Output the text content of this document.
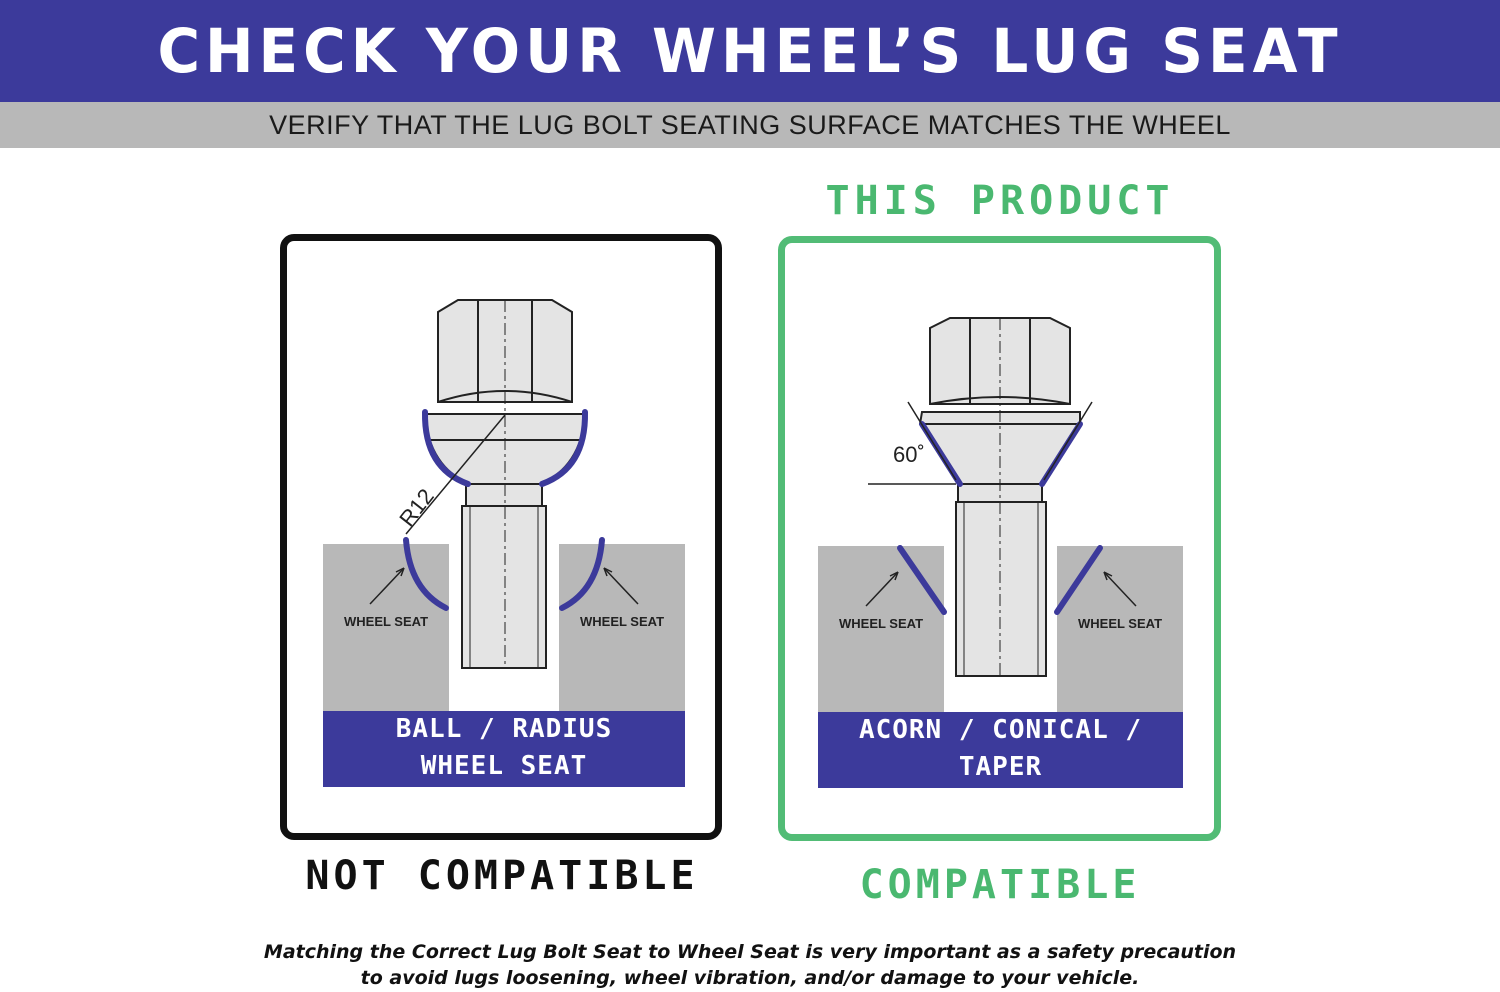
CHECK YOUR WHEEL’S LUG SEAT
VERIFY THAT THE LUG BOLT SEATING SURFACE MATCHES THE WHEEL
THIS PRODUCT
R12
WHEEL SEAT	WHEEL SEAT
60˚
WHEEL SEAT	WHEEL SEAT
BALL / RADIUS
WHEEL SEAT
ACORN / CONICAL / TAPER
WHEEL SEAT
NOT COMPATIBLE	COMPATIBLE
Matching the Correct Lug Bolt Seat to Wheel Seat is very important as a safety precaution
to avoid lugs loosening, wheel vibration, and/or damage to your vehicle.
